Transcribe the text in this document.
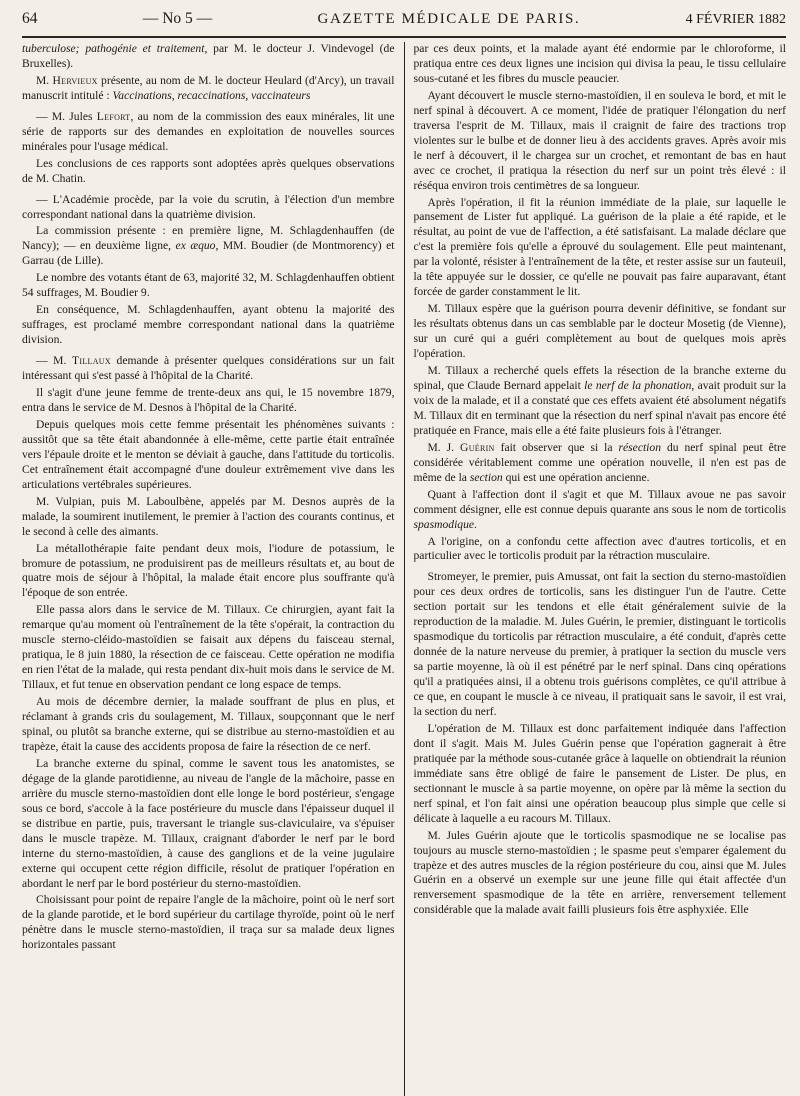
64	— No 5 —	GAZETTE MÉDICALE DE PARIS.	4 FÉVRIER 1882

tuberculose; pathogénie et traitement, par M. le docteur J. Vindevogel (de Bruxelles).

M. Hervieux présente, au nom de M. le docteur Heulard (d'Arcy), un travail manuscrit intitulé : Vaccinations, recaccinations, vaccinateurs

— M. Jules Lefort, au nom de la commission des eaux minérales, lit une série de rapports sur des demandes en exploitation de nouvelles sources minérales pour l'usage médical.

Les conclusions de ces rapports sont adoptées après quelques observations de M. Chatin.

— L'Académie procède, par la voie du scrutin, à l'élection d'un membre correspondant national dans la quatrième division.

La commission présente : en première ligne, M. Schlagdenhauffen (de Nancy); — en deuxième ligne, ex æquo, MM. Boudier (de Montmorency) et Garrau (de Lille).

Le nombre des votants étant de 63, majorité 32, M. Schlagdenhauffen obtient 54 suffrages, M. Boudier 9.

En conséquence, M. Schlagdenhauffen, ayant obtenu la majorité des suffrages, est proclamé membre correspondant national dans la quatrième division.

— M. Tillaux demande à présenter quelques considérations sur un fait intéressant qui s'est passé à l'hôpital de la Charité.

Il s'agit d'une jeune femme de trente-deux ans qui, le 15 novembre 1879, entra dans le service de M. Desnos à l'hôpital de la Charité.

Depuis quelques mois cette femme présentait les phénomènes suivants : aussitôt que sa tête était abandonnée à elle-même, cette partie était entraînée vers l'épaule droite et le menton se déviait à gauche, dans l'attitude du torticolis. Cet entraînement était accompagné d'une douleur extrêmement vive dans les articulations vertébrales supérieures.

M. Vulpian, puis M. Laboulbène, appelés par M. Desnos auprès de la malade, la soumirent inutilement, le premier à l'action des courants continus, et le second à celle des aimants.

La métallothérapie faite pendant deux mois, l'iodure de potassium, le bromure de potassium, ne produisirent pas de meilleurs résultats et, au bout de quatre mois de séjour à l'hôpital, la malade était encore plus souffrante qu'à l'époque de son entrée.

Elle passa alors dans le service de M. Tillaux. Ce chirurgien, ayant fait la remarque qu'au moment où l'entraînement de la tête s'opérait, la contraction du muscle sterno-cléido-mastoïdien se faisait aux dépens du faisceau sternal, pratiqua, le 8 juin 1880, la résection de ce faisceau. Cette opération ne modifia en rien l'état de la malade, qui resta pendant dix-huit mois dans le service de M. Tillaux, et fut tenue en observation pendant ce long espace de temps.

Au mois de décembre dernier, la malade souffrant de plus en plus, et réclamant à grands cris du soulagement, M. Tillaux, soupçonnant que le nerf spinal, ou plutôt sa branche externe, qui se distribue au sterno-mastoïdien et au trapèze, était la cause des accidents proposa de faire la résection de ce nerf.

La branche externe du spinal, comme le savent tous les anatomistes, se dégage de la glande parotidienne, au niveau de l'angle de la mâchoire, passe en arrière du muscle sterno-mastoïdien dont elle longe le bord postérieur, s'engage sous ce bord, s'accole à la face postérieure du muscle dans l'épaisseur duquel il se distribue en partie, puis, traversant le triangle sus-claviculaire, va s'épuiser dans le muscle trapèze. M. Tillaux, craignant d'aborder le nerf par le bord interne du sterno-mastoïdien, à cause des ganglions et de la veine jugulaire externe qui occupent cette région difficile, résolut de pratiquer l'opération en abordant le nerf par le bord postérieur du sterno-mastoïdien.

Choisissant pour point de repaire l'angle de la mâchoire, point où le nerf sort de la glande parotide, et le bord supérieur du cartilage thyroïde, point où le nerf pénètre dans le muscle sterno-mastoïdien, il traça sur sa malade deux lignes horizontales passant

par ces deux points, et la malade ayant été endormie par le chloroforme, il pratiqua entre ces deux lignes une incision qui divisa la peau, le tissu cellulaire sous-cutané et les fibres du muscle peaucier.

Ayant découvert le muscle sterno-mastoïdien, il en souleva le bord, et mit le nerf spinal à découvert. A ce moment, l'idée de pratiquer l'élongation du nerf traversa l'esprit de M. Tillaux, mais il craignit de faire des tractions trop violentes sur le bulbe et de donner lieu à des accidents graves. Après avoir mis le nerf à découvert, il le chargea sur un crochet, et remontant de bas en haut avec ce crochet, il pratiqua la résection du nerf sur un point très élevé : il réséqua environ trois centimètres de sa longueur.

Après l'opération, il fit la réunion immédiate de la plaie, sur laquelle le pansement de Lister fut appliqué. La guérison de la plaie a été rapide, et le résultat, au point de vue de l'affection, a été satisfaisant. La malade déclare que c'est la première fois qu'elle a éprouvé du soulagement. Elle peut maintenant, par la volonté, résister à l'entraînement de la tête, et rester assise sur un fauteuil, la tête appuyée sur le dossier, ce qu'elle ne pouvait pas faire auparavant, étant forcée de garder constamment le lit.

M. Tillaux espère que la guérison pourra devenir définitive, se fondant sur les résultats obtenus dans un cas semblable par le docteur Mosetig (de Vienne), sur un curé qui a guéri complètement au bout de quelques mois après l'opération.

M. Tillaux a recherché quels effets la résection de la branche externe du spinal, que Claude Bernard appelait le nerf de la phonation, avait produit sur la voix de la malade, et il a constaté que ces effets avaient été absolument négatifs M. Tillaux dit en terminant que la résection du nerf spinal n'avait pas encore été pratiquée en France, mais elle a été faite plusieurs fois à l'étranger.

M. J. Guérin fait observer que si la résection du nerf spinal peut être considérée véritablement comme une opération nouvelle, il n'en est pas de même de la section qui est une opération ancienne.

Quant à l'affection dont il s'agit et que M. Tillaux avoue ne pas savoir comment désigner, elle est connue depuis quarante ans sous le nom de torticolis spasmodique.

A l'origine, on a confondu cette affection avec d'autres torticolis, et en particulier avec le torticolis produit par la rétraction musculaire.

Stromeyer, le premier, puis Amussat, ont fait la section du sterno-mastoïdien pour ces deux ordres de torticolis, sans les distinguer l'un de l'autre. Cette section portait sur les tendons et elle était généralement suivie de la reproduction de la maladie. M. Jules Guérin, le premier, distinguant le torticolis spasmodique du torticolis par rétraction musculaire, a été conduit, d'après cette donnée de la nature nerveuse du premier, à pratiquer la section du muscle vers sa partie moyenne, là où il est pénétré par le nerf spinal. Dans cinq opérations qu'il a pratiquées ainsi, il a obtenu trois guérisons complètes, ce qu'il attribue à ce que, en coupant le muscle à ce niveau, il pratiquait sans le savoir, il est vrai, la section du nerf.

L'opération de M. Tillaux est donc parfaitement indiquée dans l'affection dont il s'agit. Mais M. Jules Guérin pense que l'opération gagnerait à être pratiquée par la méthode sous-cutanée grâce à laquelle on obtiendrait la réunion immédiate sans être obligé de faire le pansement de Lister. De plus, en sectionnant le muscle à sa partie moyenne, on opère par là même la section du nerf spinal, et l'on fait ainsi une opération beaucoup plus simple que celle si délicate à laquelle a eu racours M. Tillaux.

M. Jules Guérin ajoute que le torticolis spasmodique ne se localise pas toujours au muscle sterno-mastoïdien ; le spasme peut s'emparer également du trapèze et des autres muscles de la région postérieure du cou, ainsi que M. Jules Guérin en a observé un exemple sur une jeune fille qui était affectée d'un renversement spasmodique de la tête en arrière, renversement tellement considérable que la malade avait failli plusieurs fois être asphyxiée. Elle
